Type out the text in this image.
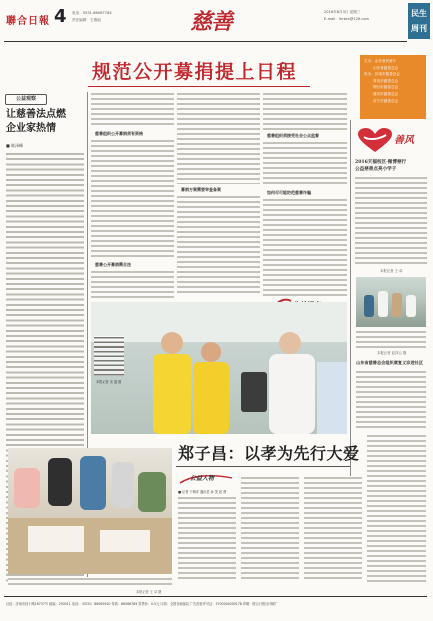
聯合日報 4 电话：0531-86067763
责任编辑：王瑞姐	慈善	2016年8月3日 星期三
E-mail：lhrbcs@126.com
民生
周刊
规范公开募捐提上日程	主办：山东省民政厅
山东省慈善总会
协办：济南市慈善总会
青岛市慈善总会
烟台市慈善总会
潍坊市慈善总会
济宁市慈善总会
公益观察
让慈善法点燃
企业家热情
■ 陈泽峰
慈善组织公开募捐须有资格
慈善公开募捐需合法
募捐方案需要审查备案
慈善组织须接受社会公众监督
如何尽可能防范慈善诈骗
善风
2016天福校区·微博慈行
公益慈善点亮小学子
本报记者 王 卓
本报记者 赵泽云 摄
山东省慈善总会组织康复义诊进社区
本报记者 宋 磊 摄
郑子昌：以孝为先行大爱
本报记者 王 卓 摄
公益人物
■ 记者 于海洋 通讯员 孙 笑 赵 勇
社址：济南市经十路16737号 邮编：250011 电话：（0531）86065910 传真：86066789 零售价：0.5元 订阅：全国各地邮局 广告经营许可证：3700004000178 印刷：联合日报社印刷厂
